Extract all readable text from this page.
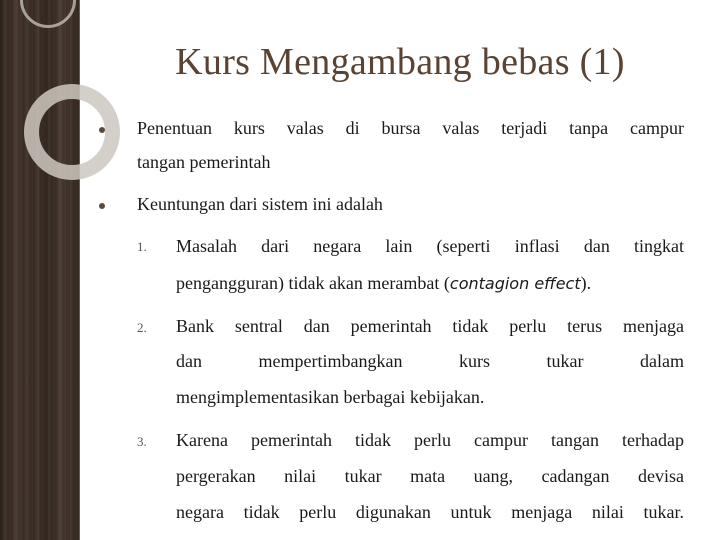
Kurs Mengambang bebas (1)
Penentuan kurs valas di bursa valas terjadi tanpa campur
tangan pemerintah
Keuntungan dari sistem ini adalah
1. Masalah dari negara lain (seperti inflasi dan tingkat
pengangguran) tidak akan merambat (contagion effect).
2. Bank sentral dan pemerintah tidak perlu terus menjaga
dan mempertimbangkan kurs tukar dalam
mengimplementasikan berbagai kebijakan.
3. Karena pemerintah tidak perlu campur tangan terhadap
pergerakan nilai tukar mata uang, cadangan devisa
negara tidak perlu digunakan untuk menjaga nilai tukar.
